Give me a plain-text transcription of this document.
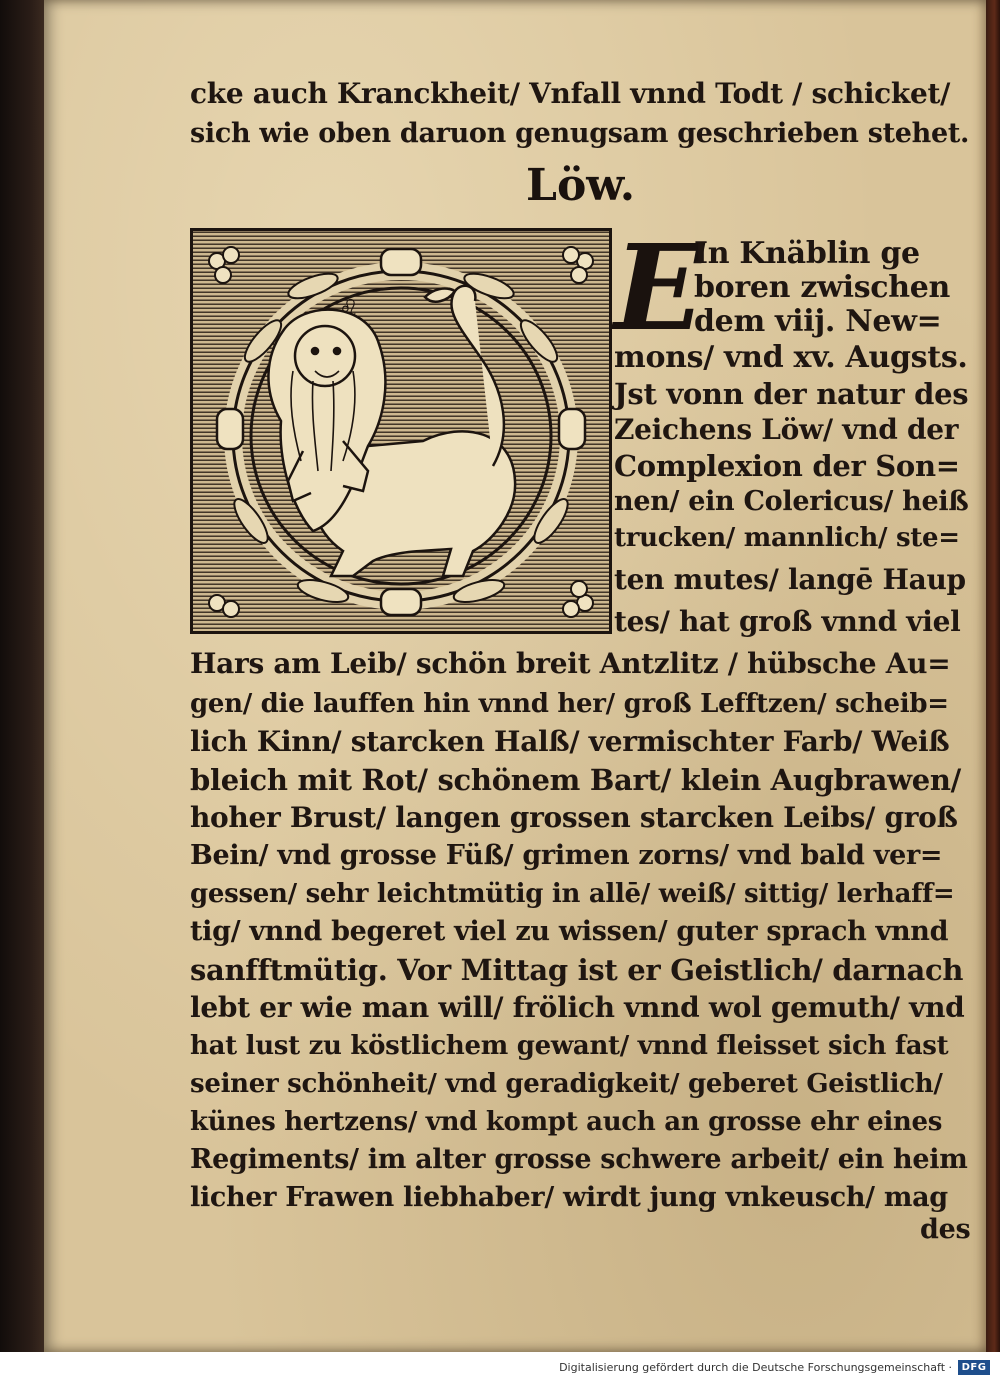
cke auch Kranckheit/ Vnfall vnnd Todt / schicket/
sich wie oben daruon genugsam geschrieben stehet.
Löw.
♌ E
In Knäblin ge
boren zwischen
dem viij. New=
mons/ vnd xv. Augsts.
Jst vonn der natur des
Zeichens Löw/ vnd der
Complexion der Son=
nen/ ein Colericus/ heiß
trucken/ mannlich/ ste=
ten mutes/ langē Haup
tes/ hat groß vnnd viel
Hars am Leib/ schön breit Antzlitz / hübsche Au=
gen/ die lauffen hin vnnd her/ groß Lefftzen/ scheib=
lich Kinn/ starcken Halß/ vermischter Farb/ Weiß
bleich mit Rot/ schönem Bart/ klein Augbrawen/
hoher Brust/ langen grossen starcken Leibs/ groß
Bein/ vnd grosse Füß/ grimen zorns/ vnd bald ver=
gessen/ sehr leichtmütig in allē/ weiß/ sittig/ lerhaff=
tig/ vnnd begeret viel zu wissen/ guter sprach vnnd
sanfftmütig. Vor Mittag ist er Geistlich/ darnach
lebt er wie man will/ frölich vnnd wol gemuth/ vnd
hat lust zu köstlichem gewant/ vnnd fleisset sich fast
seiner schönheit/ vnd geradigkeit/ geberet Geistlich/
künes hertzens/ vnd kompt auch an grosse ehr eines
Regiments/ im alter grosse schwere arbeit/ ein heim
licher Frawen liebhaber/ wirdt jung vnkeusch/ mag
des
Digitalisierung gefördert durch die Deutsche Forschungsgemeinschaft · DFG
